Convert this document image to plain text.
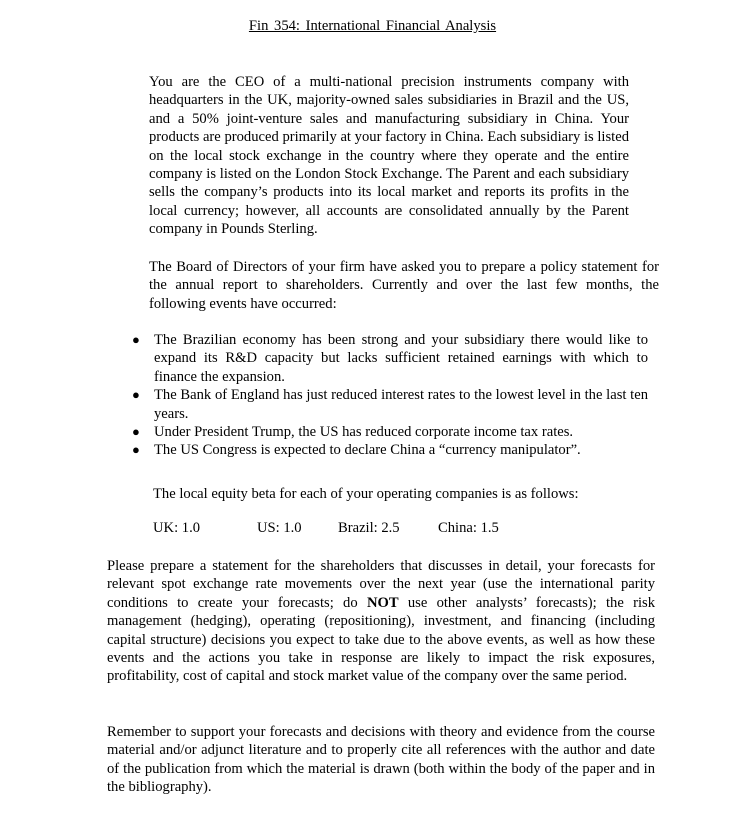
Fin 354: International Financial Analysis

You are the CEO of a multi-national precision instruments company with headquarters in the UK, majority-owned sales subsidiaries in Brazil and the US, and a 50% joint-venture sales and manufacturing subsidiary in China. Your products are produced primarily at your factory in China. Each subsidiary is listed on the local stock exchange in the country where they operate and the entire company is listed on the London Stock Exchange. The Parent and each subsidiary sells the company’s products into its local market and reports its profits in the local currency; however, all accounts are consolidated annually by the Parent company in Pounds Sterling.

The Board of Directors of your firm have asked you to prepare a policy statement for the annual report to shareholders. Currently and over the last few months, the following events have occurred:

● The Brazilian economy has been strong and your subsidiary there would like to expand its R&D capacity but lacks sufficient retained earnings with which to finance the expansion.
● The Bank of England has just reduced interest rates to the lowest level in the last ten years.
● Under President Trump, the US has reduced corporate income tax rates.
● The US Congress is expected to declare China a “currency manipulator”.

The local equity beta for each of your operating companies is as follows:

UK: 1.0	US: 1.0 Brazil: 2.5	China: 1.5

Please prepare a statement for the shareholders that discusses in detail, your forecasts for relevant spot exchange rate movements over the next year (use the international parity conditions to create your forecasts; do NOT use other analysts’ forecasts); the risk management (hedging), operating (repositioning), investment, and financing (including capital structure) decisions you expect to take due to the above events, as well as how these events and the actions you take in response are likely to impact the risk exposures, profitability, cost of capital and stock market value of the company over the same period.

Remember to support your forecasts and decisions with theory and evidence from the course material and/or adjunct literature and to properly cite all references with the author and date of the publication from which the material is drawn (both within the body of the paper and in the bibliography).
